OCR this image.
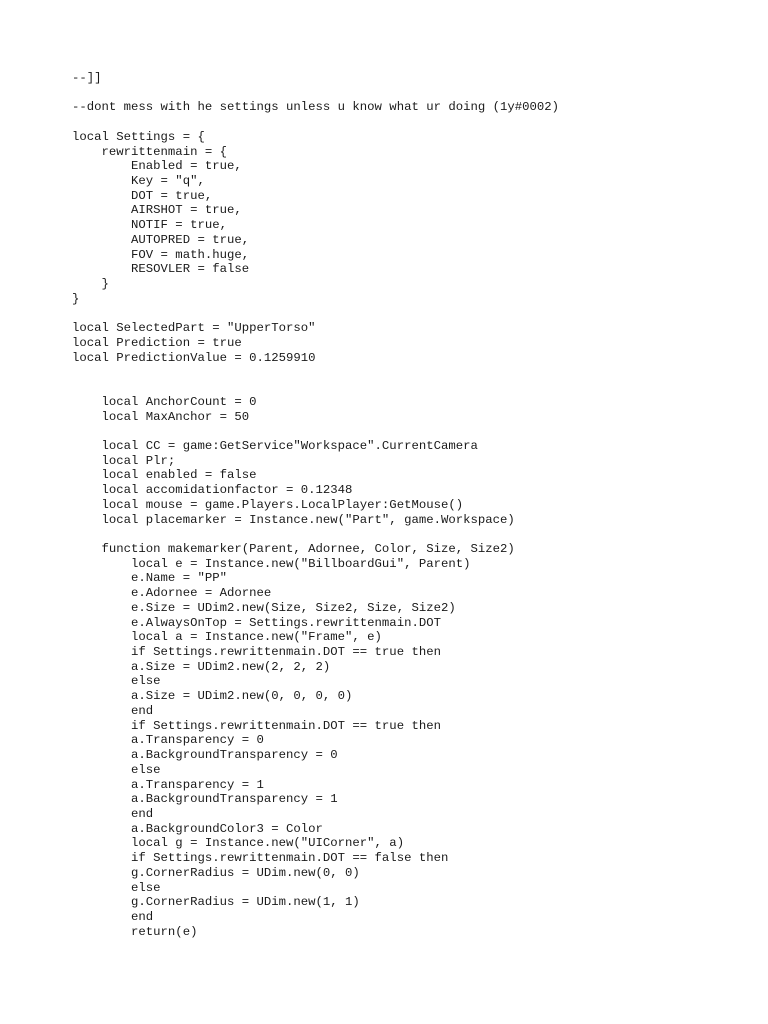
--]]
--dont mess with he settings unless u know what ur doing (1y#0002)
local Settings = {
rewrittenmain = {
Enabled = true,
Key = "q",
DOT = true,
AIRSHOT = true,
NOTIF = true,
AUTOPRED = true,
FOV = math.huge,
RESOVLER = false
}
}
local SelectedPart = "UpperTorso"
local Prediction = true
local PredictionValue = 0.1259910
local AnchorCount = 0
local MaxAnchor = 50
local CC = game:GetService"Workspace".CurrentCamera
local Plr;
local enabled = false
local accomidationfactor = 0.12348
local mouse = game.Players.LocalPlayer:GetMouse()
local placemarker = Instance.new("Part", game.Workspace)
function makemarker(Parent, Adornee, Color, Size, Size2)
local e = Instance.new("BillboardGui", Parent)
e.Name = "PP"
e.Adornee = Adornee
e.Size = UDim2.new(Size, Size2, Size, Size2)
e.AlwaysOnTop = Settings.rewrittenmain.DOT
local a = Instance.new("Frame", e)
if Settings.rewrittenmain.DOT == true then
a.Size = UDim2.new(2, 2, 2)
else
a.Size = UDim2.new(0, 0, 0, 0)
end
if Settings.rewrittenmain.DOT == true then
a.Transparency = 0
a.BackgroundTransparency = 0
else
a.Transparency = 1
a.BackgroundTransparency = 1
end
a.BackgroundColor3 = Color
local g = Instance.new("UICorner", a)
if Settings.rewrittenmain.DOT == false then
g.CornerRadius = UDim.new(0, 0)
else
g.CornerRadius = UDim.new(1, 1)
end
return(e)
